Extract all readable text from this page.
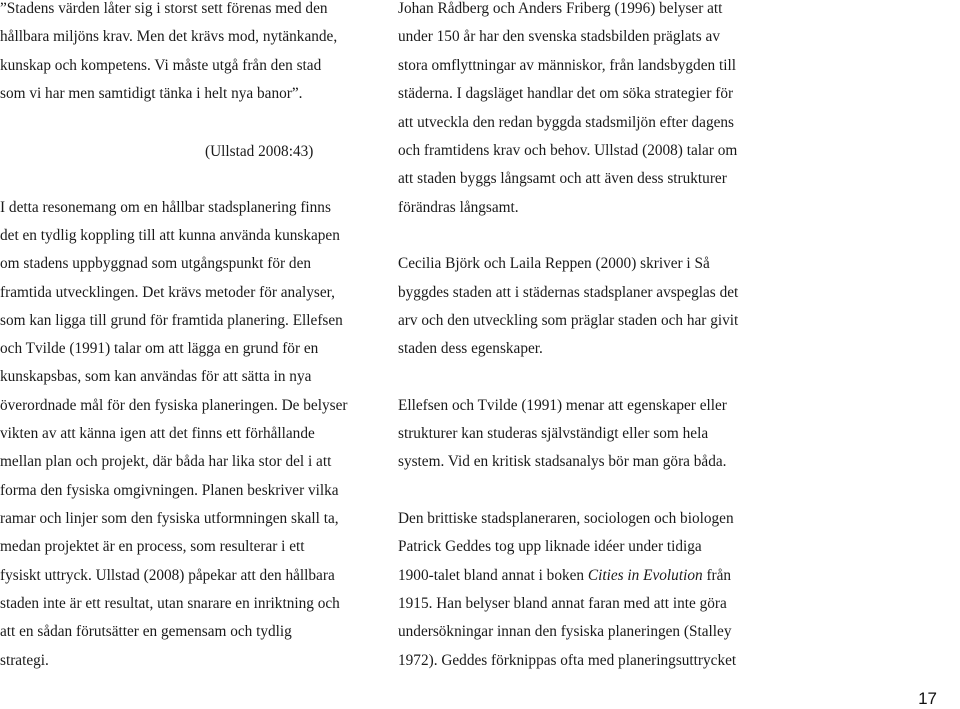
”Stadens värden låter sig i storst sett förenas med den
hållbara miljöns krav. Men det krävs mod, nytänkande,
kunskap och kompetens. Vi måste utgå från den stad
som vi har men samtidigt tänka i helt nya banor”.
(Ullstad 2008:43)
I detta resonemang om en hållbar stadsplanering finns
det en tydlig koppling till att kunna använda kunskapen
om stadens uppbyggnad som utgångspunkt för den
framtida utvecklingen. Det krävs metoder för analyser,
som kan ligga till grund för framtida planering. Ellefsen
och Tvilde (1991) talar om att lägga en grund för en
kunskapsbas, som kan användas för att sätta in nya
överordnade mål för den fysiska planeringen. De belyser
vikten av att känna igen att det finns ett förhållande
mellan plan och projekt, där båda har lika stor del i att
forma den fysiska omgivningen. Planen beskriver vilka
ramar och linjer som den fysiska utformningen skall ta,
medan projektet är en process, som resulterar i ett
fysiskt uttryck. Ullstad (2008) påpekar att den hållbara
staden inte är ett resultat, utan snarare en inriktning och
att en sådan förutsätter en gemensam och tydlig
strategi.
Johan Rådberg och Anders Friberg (1996) belyser att
under 150 år har den svenska stadsbilden präglats av
stora omflyttningar av människor, från landsbygden till
städerna. I dagsläget handlar det om söka strategier för
att utveckla den redan byggda stadsmiljön efter dagens
och framtidens krav och behov. Ullstad (2008) talar om
att staden byggs långsamt och att även dess strukturer
förändras långsamt.
Cecilia Björk och Laila Reppen (2000) skriver i Så
byggdes staden att i städernas stadsplaner avspeglas det
arv och den utveckling som präglar staden och har givit
staden dess egenskaper.
Ellefsen och Tvilde (1991) menar att egenskaper eller
strukturer kan studeras självständigt eller som hela
system. Vid en kritisk stadsanalys bör man göra båda.
Den brittiske stadsplaneraren, sociologen och biologen
Patrick Geddes tog upp liknade idéer under tidiga
1900-talet bland annat i boken Cities in Evolution från
1915. Han belyser bland annat faran med att inte göra
undersökningar innan den fysiska planeringen (Stalley
1972). Geddes förknippas ofta med planeringsuttrycket
17
